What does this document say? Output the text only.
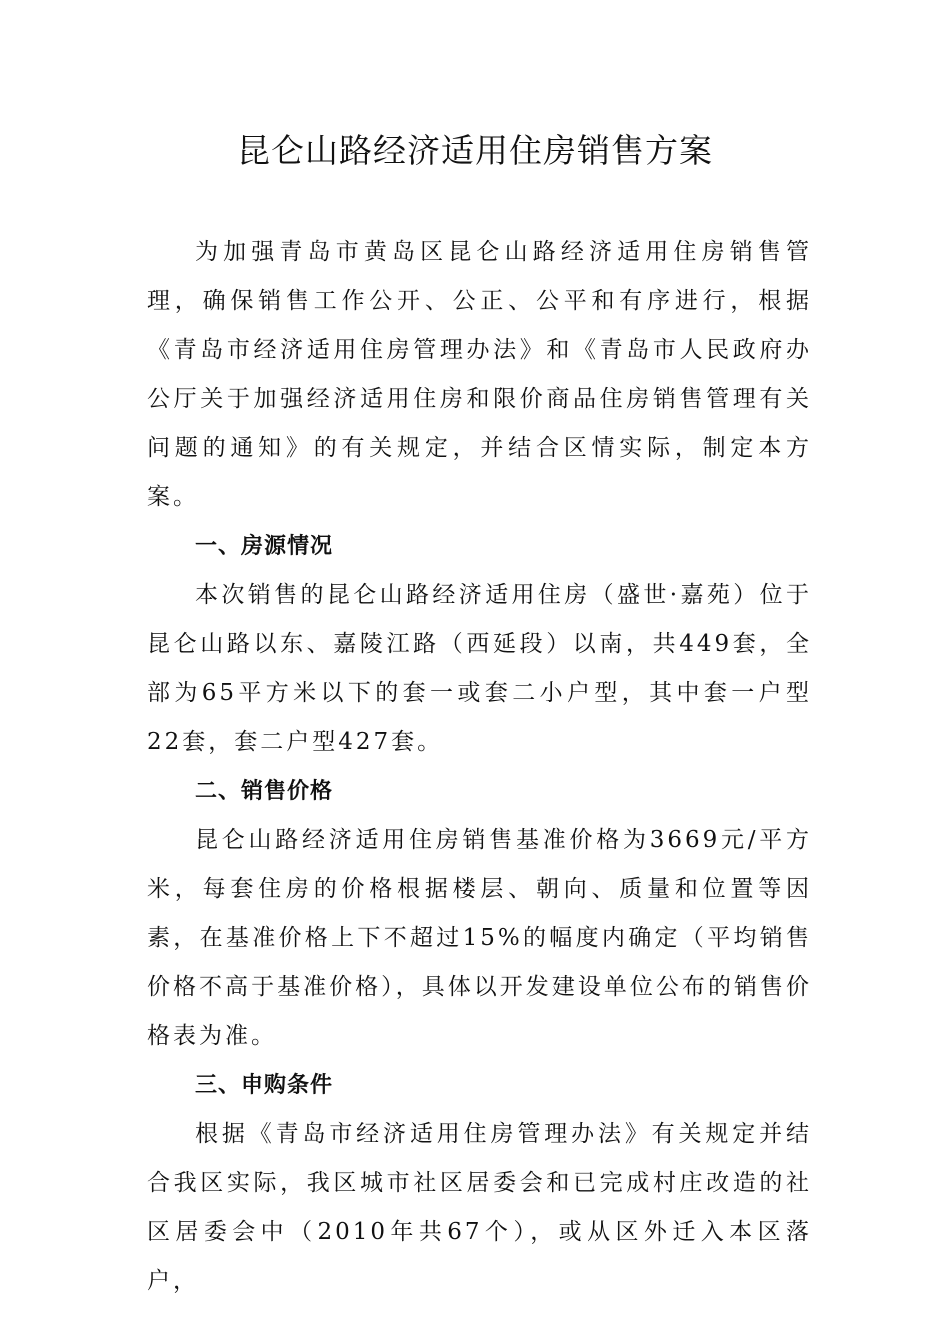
昆仑山路经济适用住房销售方案

为加强青岛市黄岛区昆仑山路经济适用住房销售管理，确保销售工作公开、公正、公平和有序进行，根据《青岛市经济适用住房管理办法》和《青岛市人民政府办公厅关于加强经济适用住房和限价商品住房销售管理有关问题的通知》的有关规定，并结合区情实际，制定本方案。

一、房源情况

本次销售的昆仑山路经济适用住房（盛世·嘉苑）位于昆仑山路以东、嘉陵江路（西延段）以南，共449套，全部为65平方米以下的套一或套二小户型，其中套一户型22套，套二户型427套。

二、销售价格

昆仑山路经济适用住房销售基准价格为3669元/平方米，每套住房的价格根据楼层、朝向、质量和位置等因素，在基准价格上下不超过15%的幅度内确定（平均销售价格不高于基准价格），具体以开发建设单位公布的销售价格表为准。

三、申购条件

根据《青岛市经济适用住房管理办法》有关规定并结合我区实际，我区城市社区居委会和已完成村庄改造的社区居委会中（2010年共67个），或从区外迁入本区落户，
